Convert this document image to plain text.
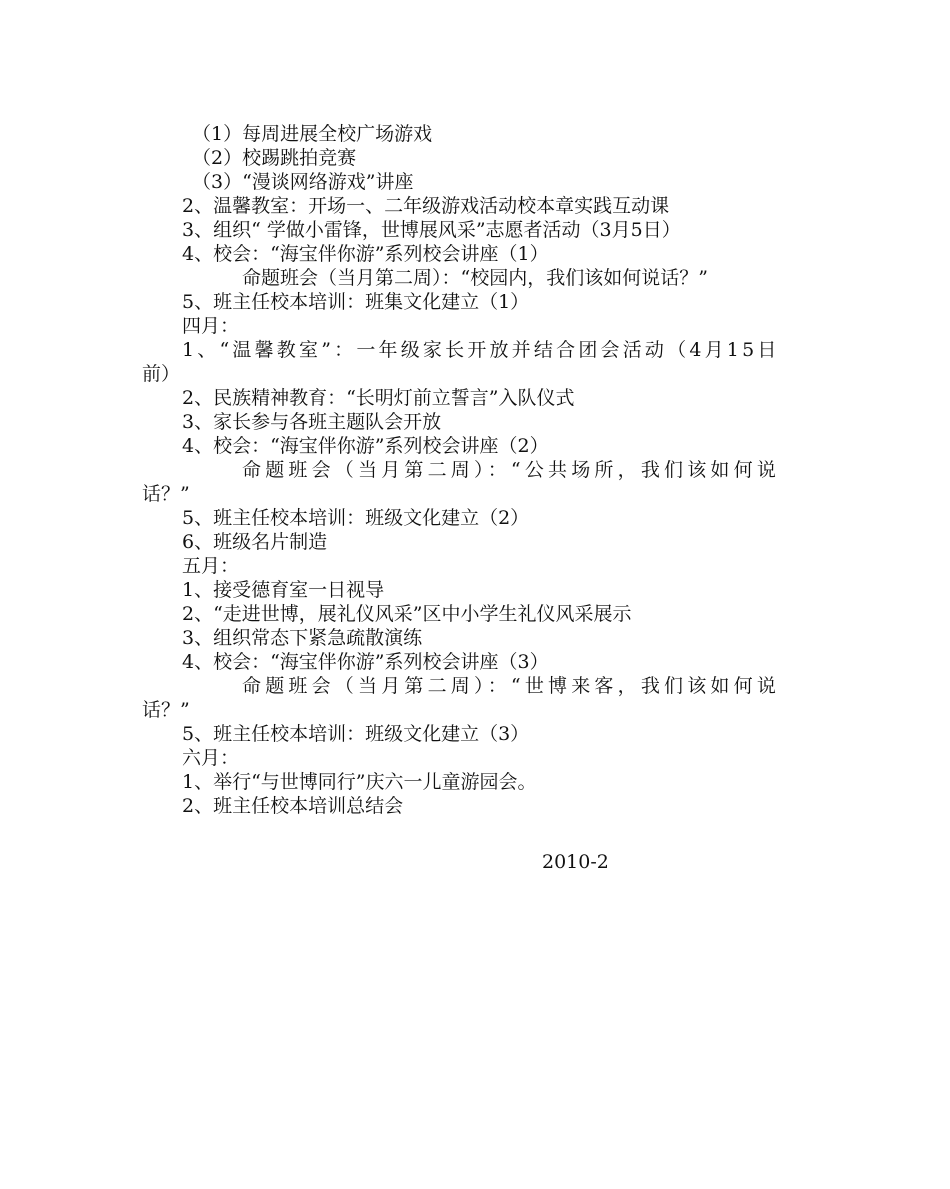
（1）每周进展全校广场游戏
（2）校踢跳拍竞赛
（3）“漫谈网络游戏”讲座
2、温馨教室：开场一、二年级游戏活动校本章实践互动课
3、组织“ 学做小雷锋，世博展风采”志愿者活动（3月5日）
4、校会：“海宝伴你游”系列校会讲座（1）
命题班会（当月第二周）：“校园内，我们该如何说话？”
5、班主任校本培训：班集文化建立（1）
四月：
1、“温馨教室”：一年级家长开放并结合团会活动（4月15日
前）
2、民族精神教育：“长明灯前立誓言”入队仪式
3、家长参与各班主题队会开放
4、校会：“海宝伴你游”系列校会讲座（2）
命题班会（当月第二周）：“公共场所，我们该如何说
话？”
5、班主任校本培训：班级文化建立（2）
6、班级名片制造
五月：
1、接受德育室一日视导
2、“走进世博，展礼仪风采”区中小学生礼仪风采展示
3、组织常态下紧急疏散演练
4、校会：“海宝伴你游”系列校会讲座（3）
命题班会（当月第二周）：“世博来客，我们该如何说
话？”
5、班主任校本培训：班级文化建立（3）
六月：
1、举行“与世博同行”庆六一儿童游园会。
2、班主任校本培训总结会
2010-2
